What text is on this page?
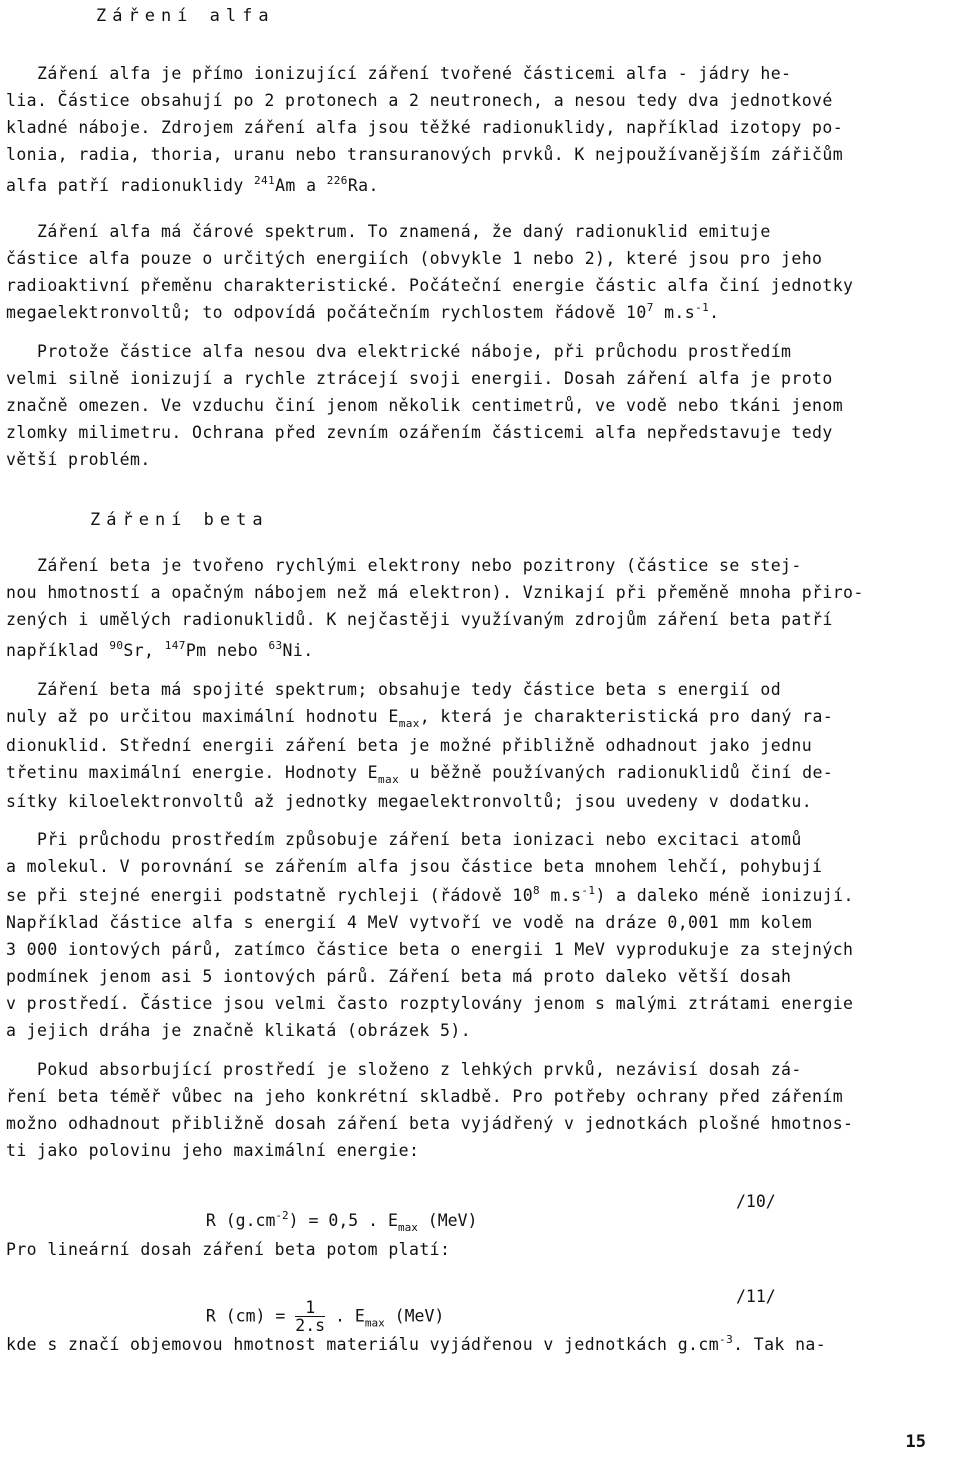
Záření alfa
Záření alfa je přímo ionizující záření tvořené částicemi alfa - jádry he-
lia. Částice obsahují po 2 protonech a 2 neutronech, a nesou tedy dva jednotkové
kladné náboje. Zdrojem záření alfa jsou těžké radionuklidy, například izotopy po-
lonia, radia, thoria, uranu nebo transuranových prvků. K nejpoužívanějším zářičům
alfa patří radionuklidy $^{241}$Am a $^{226}$Ra.
Záření alfa má čárové spektrum. To znamená, že daný radionuklid emituje
částice alfa pouze o určitých energiích (obvykle 1 nebo 2), které jsou pro jeho
radioaktivní přeměnu charakteristické. Počáteční energie částic alfa činí jednotky
megaelektronvoltů; to odpovídá počátečním rychlostem řádově $10^7$ $m.s^{-1}$.
Protože částice alfa nesou dva elektrické náboje, při průchodu prostředím
velmi silně ionizují a rychle ztrácejí svoji energii. Dosah záření alfa je proto
značně omezen. Ve vzduchu činí jenom několik centimetrů, ve vodě nebo tkáni jenom
zlomky milimetru. Ochrana před zevním ozářením částicemi alfa nepředstavuje tedy
větší problém.
Záření beta
Záření beta je tvořeno rychlými elektrony nebo pozitrony (částice se stej-
nou hmotností a opačným nábojem než má elektron). Vznikají při přeměně mnoha přiro-
zených i umělých radionuklidů. K nejčastěji využívaným zdrojům záření beta patří
například $^{90}$Sr, $^{147}$Pm nebo $^{63}$Ni.
Záření beta má spojité spektrum; obsahuje tedy částice beta s energií od
nuly až po určitou maximální hodnotu $E_{max}$, která je charakteristická pro daný ra-
dionuklid. Střední energii záření beta je možné přibližně odhadnout jako jednu
třetinu maximální energie. Hodnoty $E_{max}$ u běžně používaných radionuklidů činí de-
sítky kiloelektronvoltů až jednotky megaelektronvoltů; jsou uvedeny v dodatku.
Při průchodu prostředím způsobuje záření beta ionizaci nebo excitaci atomů
a molekul. V porovnání se zářením alfa jsou částice beta mnohem lehčí, pohybují
se při stejné energii podstatně rychleji (řádově $10^8$ $m.s^{-1}$) a daleko méně ionizují.
Například částice alfa s energií 4 MeV vytvoří ve vodě na dráze 0,001 mm kolem
3 000 iontových párů, zatímco částice beta o energii 1 MeV vyprodukuje za stejných
podmínek jenom asi 5 iontových párů. Záření beta má proto daleko větší dosah
v prostředí. Částice jsou velmi často rozptylovány jenom s malými ztrátami energie
a jejich dráha je značně klikatá (obrázek 5).
Pokud absorbující prostředí je složeno z lehkých prvků, nezávisí dosah zá-
ření beta téměř vůbec na jeho konkrétní skladbě. Pro potřeby ochrany před zářením
možno odhadnout přibližně dosah záření beta vyjádřený v jednotkách plošné hmotnos-
ti jako polovinu jeho maximální energie:

R $(g.cm^{-2}) = 0,5$ . $E_{max}$ (MeV)

/10/
Pro lineární dosah záření beta potom platí:

R $(cm) = \frac{1}{2.s}$ . $E_{max}$ (MeV)

/11/
kde s značí objemovou hmotnost materiálu vyjádřenou v jednotkách $g.cm^{-3}$. Tak na-
15
